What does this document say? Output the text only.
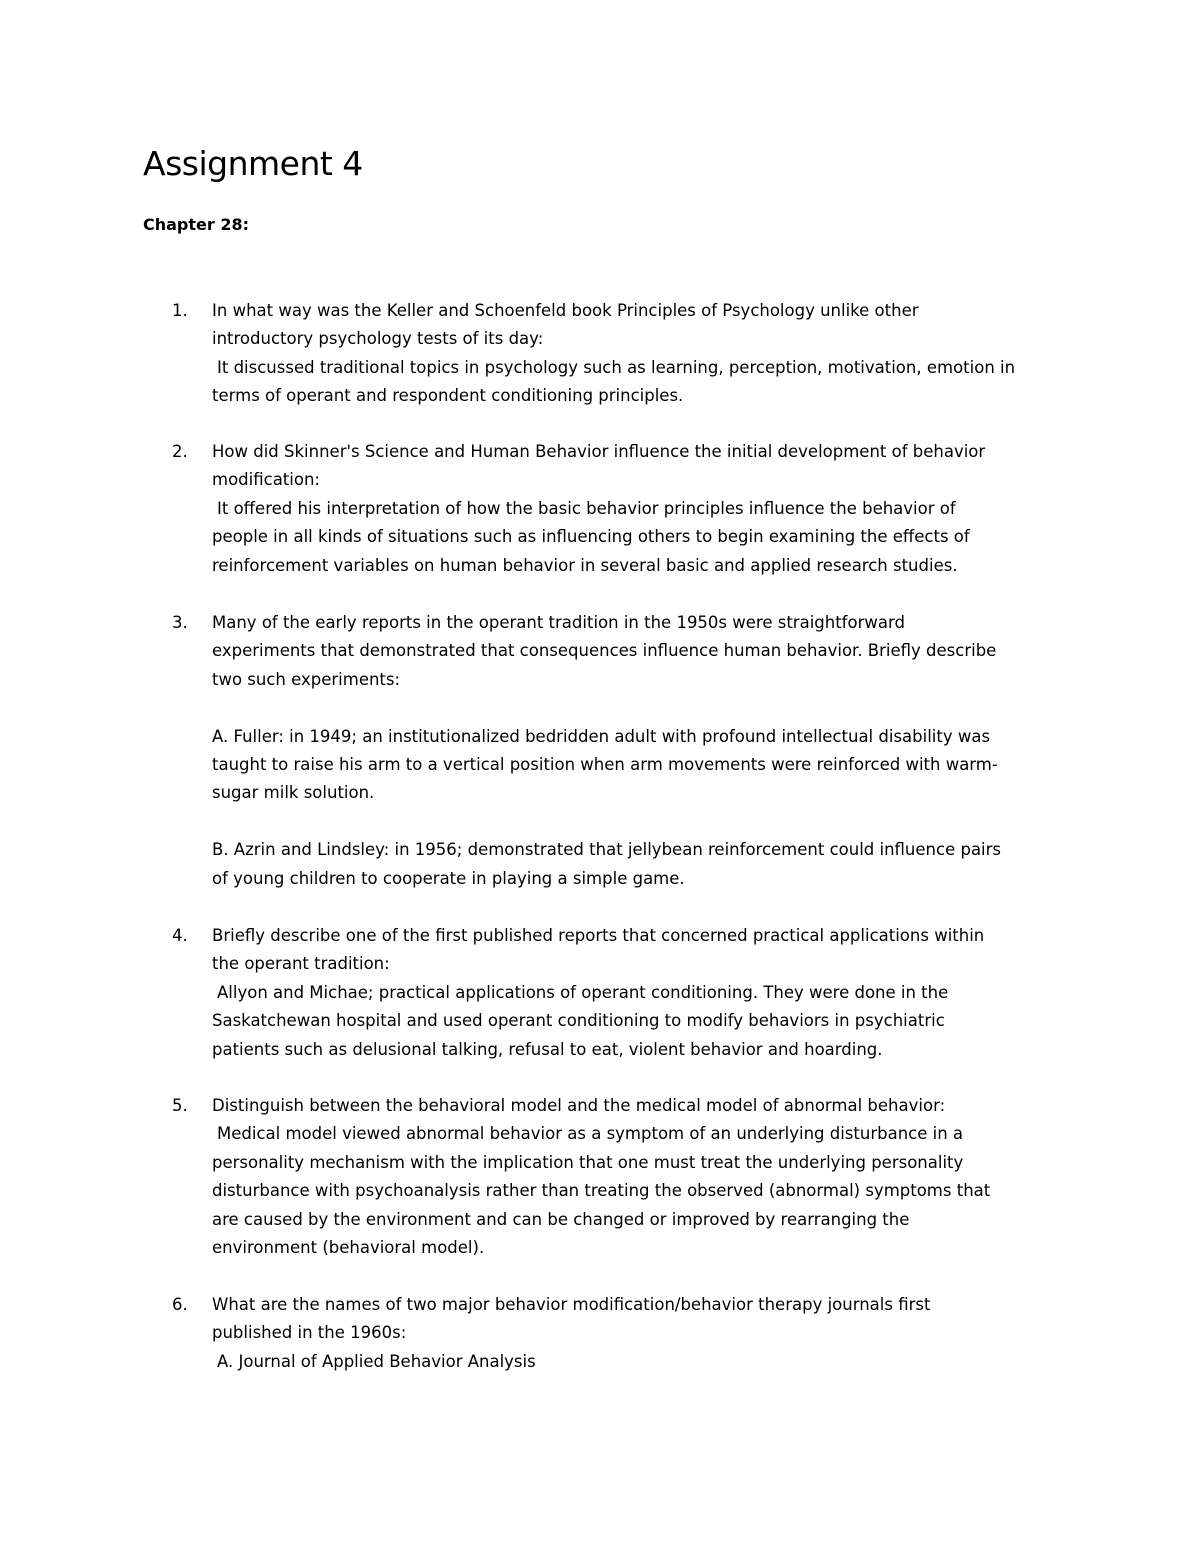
Assignment 4

Chapter 28:

1.	In what way was the Keller and Schoenfeld book Principles of Psychology unlike other
introductory psychology tests of its day:
It discussed traditional topics in psychology such as learning, perception, motivation, emotion in
terms of operant and respondent conditioning principles.
2.	How did Skinner's Science and Human Behavior influence the initial development of behavior
modification:
It offered his interpretation of how the basic behavior principles influence the behavior of
people in all kinds of situations such as influencing others to begin examining the effects of
reinforcement variables on human behavior in several basic and applied research studies.
3.	Many of the early reports in the operant tradition in the 1950s were straightforward
experiments that demonstrated that consequences influence human behavior. Briefly describe
two such experiments:
A. Fuller: in 1949; an institutionalized bedridden adult with profound intellectual disability was
taught to raise his arm to a vertical position when arm movements were reinforced with warm-
sugar milk solution.
B. Azrin and Lindsley: in 1956; demonstrated that jellybean reinforcement could influence pairs
of young children to cooperate in playing a simple game.
4.	Briefly describe one of the first published reports that concerned practical applications within
the operant tradition:
Allyon and Michae; practical applications of operant conditioning. They were done in the
Saskatchewan hospital and used operant conditioning to modify behaviors in psychiatric
patients such as delusional talking, refusal to eat, violent behavior and hoarding.
5.	Distinguish between the behavioral model and the medical model of abnormal behavior:
Medical model viewed abnormal behavior as a symptom of an underlying disturbance in a
personality mechanism with the implication that one must treat the underlying personality
disturbance with psychoanalysis rather than treating the observed (abnormal) symptoms that
are caused by the environment and can be changed or improved by rearranging the
environment (behavioral model).
6.	What are the names of two major behavior modification/behavior therapy journals first
published in the 1960s:
A. Journal of Applied Behavior Analysis
